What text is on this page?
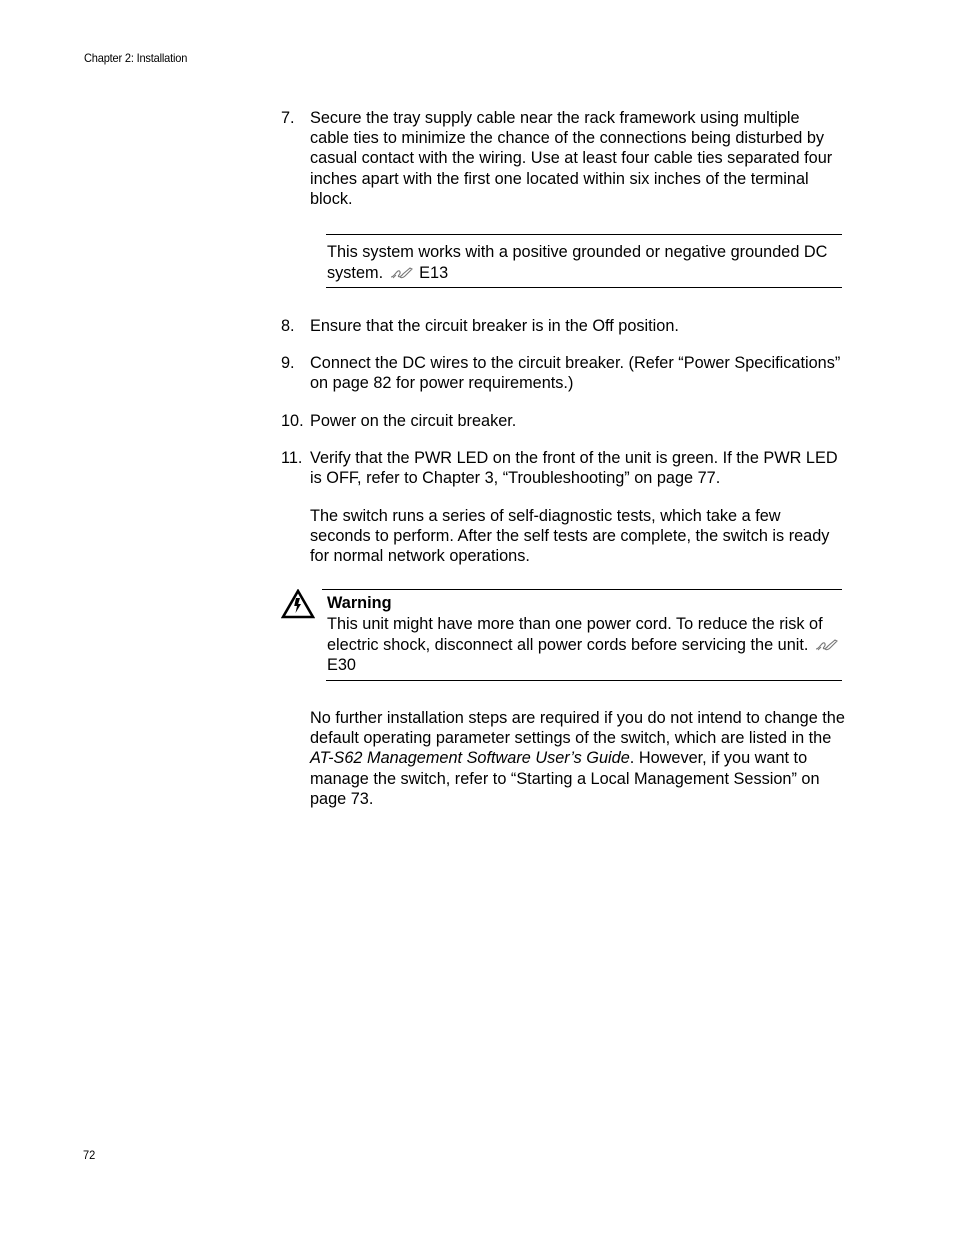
Chapter 2: Installation
7. Secure the tray supply cable near the rack framework using multiple cable ties to minimize the chance of the connections being disturbed by casual contact with the wiring. Use at least four cable ties separated four inches apart with the first one located within six inches of the terminal block.
This system works with a positive grounded or negative grounded DC system. E13
8. Ensure that the circuit breaker is in the Off position.
9. Connect the DC wires to the circuit breaker. (Refer “Power Specifications” on page 82 for power requirements.)
10. Power on the circuit breaker.
11. Verify that the PWR LED on the front of the unit is green. If the PWR LED is OFF, refer to Chapter 3, “Troubleshooting” on page 77.
The switch runs a series of self-diagnostic tests, which take a few seconds to perform. After the self tests are complete, the switch is ready for normal network operations.
Warning
This unit might have more than one power cord. To reduce the risk of electric shock, disconnect all power cords before servicing the unit.  E30
No further installation steps are required if you do not intend to change the default operating parameter settings of the switch, which are listed in the AT-S62 Management Software User’s Guide. However, if you want to manage the switch, refer to “Starting a Local Management Session” on page 73.
72
